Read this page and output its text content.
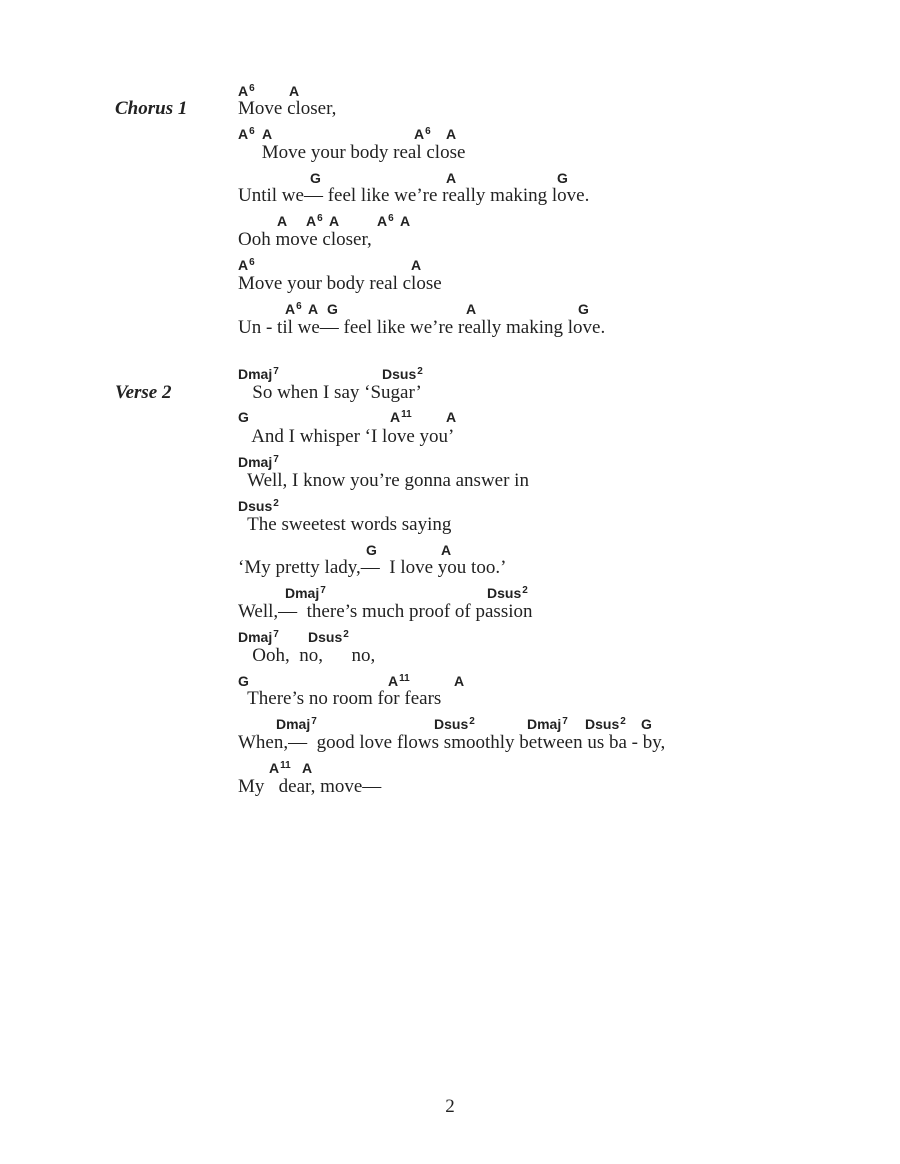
Chorus 1
Verse 2
$A^6$ A
Move closer,
$A^6$ A	$A^6$ A
Move your body real close
G	A	G
Until we— feel like we’re really making love.
A $A^6$ A	$A^6$ A
Ooh move closer,
$A^6$	A
Move your body real close
$A^6$ A G	A	G
Un - til we— feel like we’re really making love.
Dmaj$^7$	Dsus$^2$
So when I say ‘Sugar’
G	$A^{11}$ A
And I whisper ‘I love you’
Dmaj$^7$
Well, I know you’re gonna answer in
Dsus$^2$
The sweetest words saying
G	A
‘My pretty lady,—  I love you too.’
Dmaj$^7$	Dsus$^2$
Well,—  there’s much proof of passion
Dmaj$^7$ Dsus$^2$
Ooh,  no,      no,
G	$A^{11}$	A
There’s no room for fears
Dmaj$^7$	Dsus$^2$	Dmaj$^7$ Dsus$^2$ G
When,—  good love flows smoothly between us ba - by,
$A^{11}$ A
My   dear, move—
2
